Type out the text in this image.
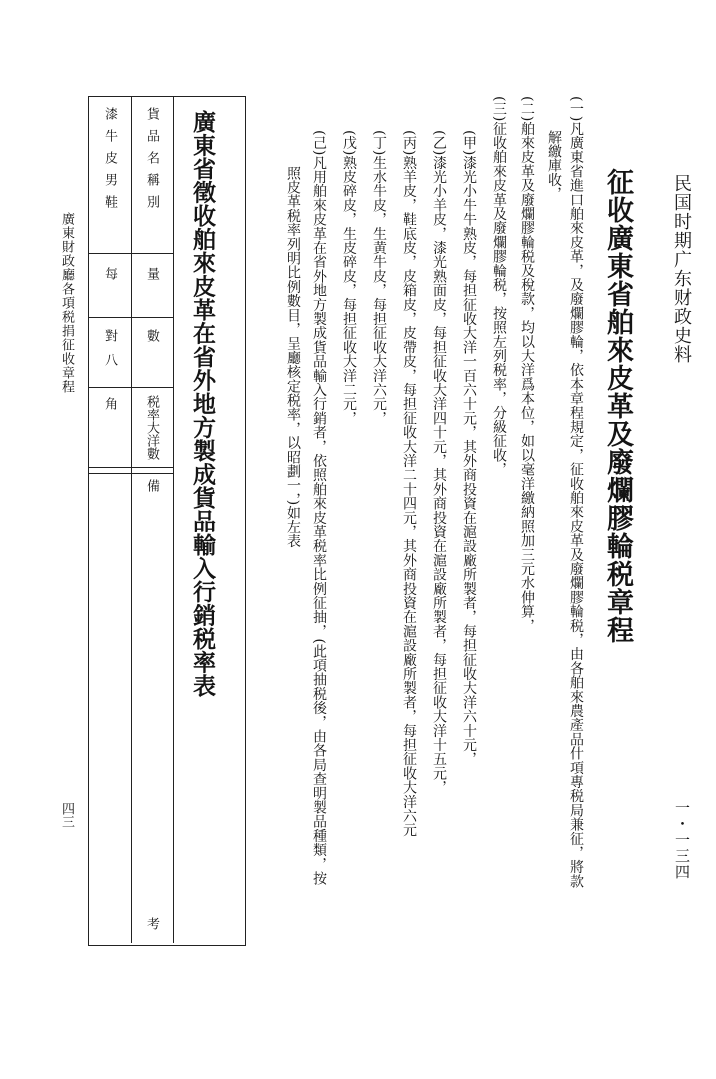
民国时期广东财政史料
一・一三四
征收廣東省舶來皮革及廢爛膠輪税章程
(一)凡廣東省進口舶來皮革，及廢爛膠輪，依本章程規定，征收舶來皮革及廢爛膠輪税，由各舶來農產品什項專税局兼征，將款
解繳庫收，
(二)舶來皮革及廢爛膠輪税及稅款，均以大洋爲本位，如以毫洋繳納照加三元水伸算，
(三)征收舶來皮革及廢爛膠輪税，按照左列税率，分級征收，
(甲)漆光小牛牛熟皮，每担征收大洋一百六十元，其外商投資在滬設廠所製者，每担征收大洋六十元，
(乙)漆光小羊皮，漆光熟面皮，每担征收大洋四十元，其外商投資在滬設廠所製者，每担征收大洋十五元，
(丙)熟羊皮，鞋底皮，皮箱皮，皮帶皮，每担征收大洋二十四元，其外商投資在滬設廠所製者，每担征收大洋六元
(丁)生水牛皮，生黄牛皮，每担征收大洋六元，
(戊)熟皮碎皮，生皮碎皮，每担征收大洋二元，
(己)凡用舶來皮革在省外地方製成貨品輸入行銷者，依照舶來皮革税率比例征抽，(此項抽税後，由各局查明製品種類，按
照皮革税率列明比例數目，呈廳核定税率，以昭劃一，)如左表
廣東省徵收舶來皮革在省外地方製成貨品輸入行銷税率表
貨品名稱別
量
數
税率大洋數
備
考
漆牛皮男鞋
每
對
八
角
廣東財政廳各項税捐征收章程
四三
